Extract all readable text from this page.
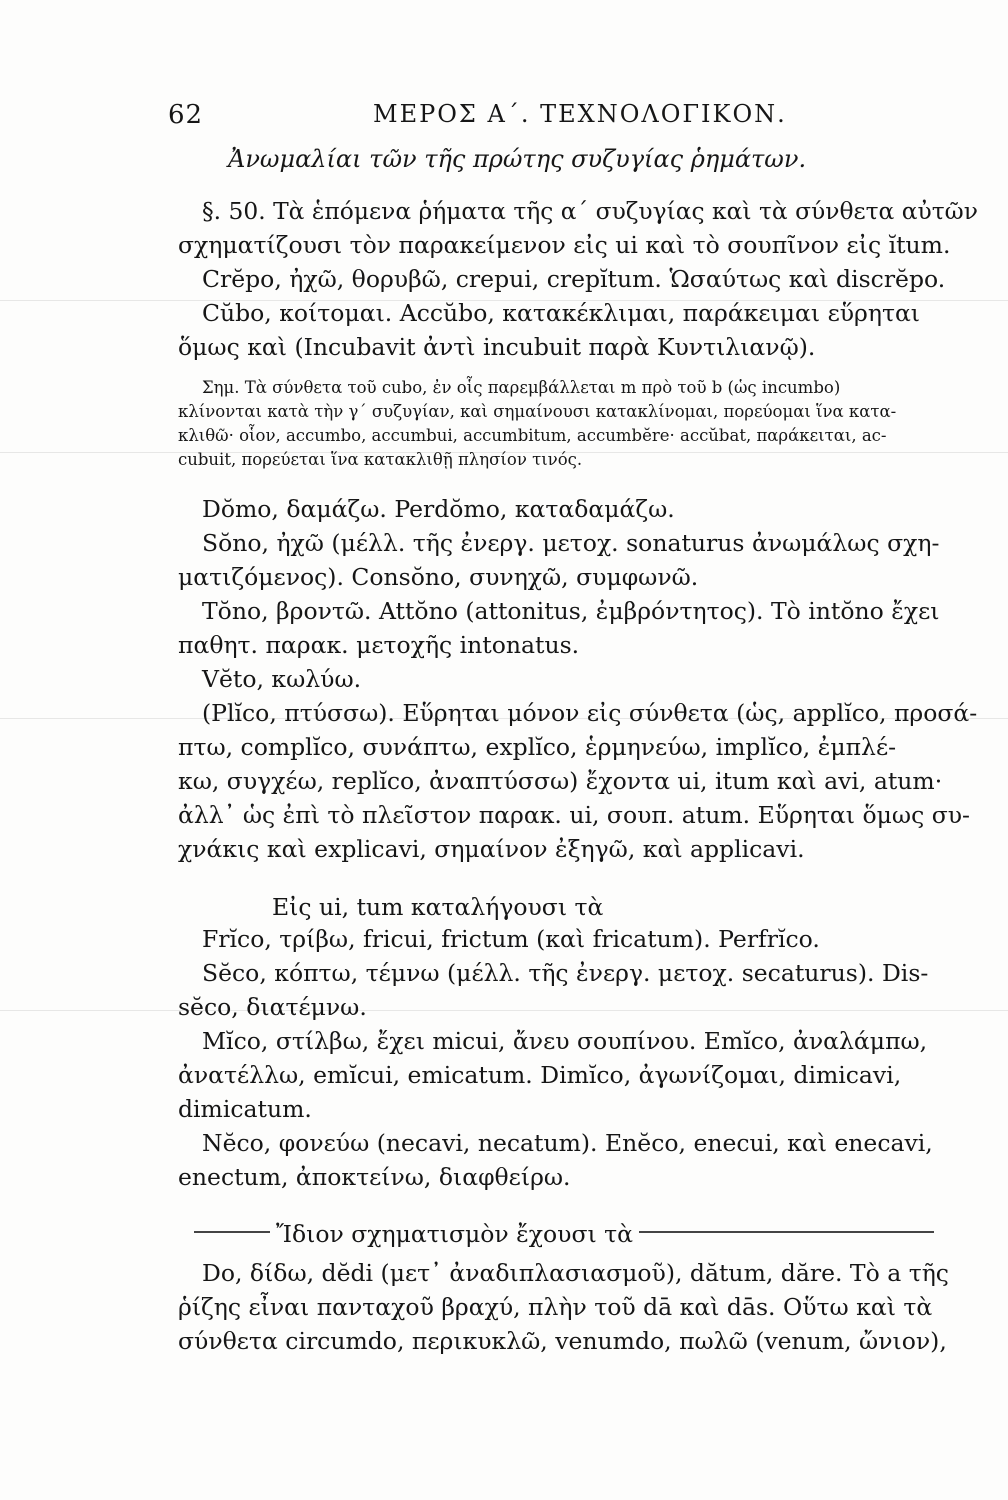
62	ΜΕΡΟΣ Α΄. ΤΕΧΝΟΛΟΓΙΚΟΝ.
Ἀνωμαλίαι τῶν τῆς πρώτης συζυγίας ῥημάτων.
§. 50. Τὰ ἑπόμενα ῥήματα τῆς α΄ συζυγίας καὶ τὰ σύνθετα αὐτῶν
σχηματίζουσι τὸν παρακείμενον εἰς ui καὶ τὸ σουπῖνον εἰς ĭtum.
Crĕpo, ἠχῶ, θορυβῶ, crepui, crepĭtum. Ὡσαύτως καὶ discrĕpo.
Cŭbo, κοίτομαι. Accŭbo, κατακέκλιμαι, παράκειμαι εὕρηται
ὅμως καὶ (Incubavit ἀντὶ incubuit παρὰ Κυντιλιανῷ).
Σημ. Τὰ σύνθετα τοῦ cubo, ἐν οἷς παρεμβάλλεται m πρὸ τοῦ b (ὡς incumbo)
κλίνονται κατὰ τὴν γ΄ συζυγίαν, καὶ σημαίνουσι κατακλίνομαι, πορεύομαι ἵνα κατα-
κλιθῶ· οἷον, accumbo, accumbui, accumbitum, accumbĕre· accŭbat, παράκειται, ac-
cubuit, πορεύεται ἵνα κατακλιθῇ πλησίον τινός.
Dŏmo, δαμάζω. Perdŏmo, καταδαμάζω.
Sŏno, ἠχῶ (μέλλ. τῆς ἐνεργ. μετοχ. sonaturus ἀνωμάλως σχη-
ματιζόμενος). Consŏno, συνηχῶ, συμφωνῶ.
Tŏno, βροντῶ. Attŏno (attonitus, ἐμβρόντητος). Τὸ intŏno ἔχει
παθητ. παρακ. μετοχῆς intonatus.
Vĕto, κωλύω.
(Plĭco, πτύσσω). Εὕρηται μόνον εἰς σύνθετα (ὡς, applĭco, προσά-
πτω, complĭco, συνάπτω, explĭco, ἑρμηνεύω, implĭco, ἐμπλέ-
κω, συγχέω, replĭco, ἀναπτύσσω) ἔχοντα ui, itum καὶ avi, atum·
ἀλλ᾽ ὡς ἐπὶ τὸ πλεῖστον παρακ. ui, σουπ. atum. Εὕρηται ὅμως συ-
χνάκις καὶ explicavi, σημαίνον ἐξηγῶ, καὶ applicavi.
Εἰς ui, tum καταλήγουσι τὰ
Frĭco, τρίβω, fricui, frictum (καὶ fricatum). Perfrĭco.
Sĕco, κόπτω, τέμνω (μέλλ. τῆς ἐνεργ. μετοχ. secaturus). Dis-
sĕco, διατέμνω.
Mĭco, στίλβω, ἔχει micui, ἄνευ σουπίνου. Emĭco, ἀναλάμπω,
ἀνατέλλω, emĭcui, emicatum. Dimĭco, ἀγωνίζομαι, dimicavi,
dimicatum.
Nĕco, φονεύω (necavi, necatum). Enĕco, enecui, καὶ enecavi,
enectum, ἀποκτείνω, διαφθείρω.
Ἴδιον σχηματισμὸν ἔχουσι τὰ
Do, δίδω, dĕdi (μετ᾽ ἀναδιπλασιασμοῦ), dătum, dăre. Τὸ a τῆς
ῥίζης εἶναι πανταχοῦ βραχύ, πλὴν τοῦ dā καὶ dās. Οὕτω καὶ τὰ
σύνθετα circumdo, περικυκλῶ, venumdo, πωλῶ (venum, ὤνιον),
